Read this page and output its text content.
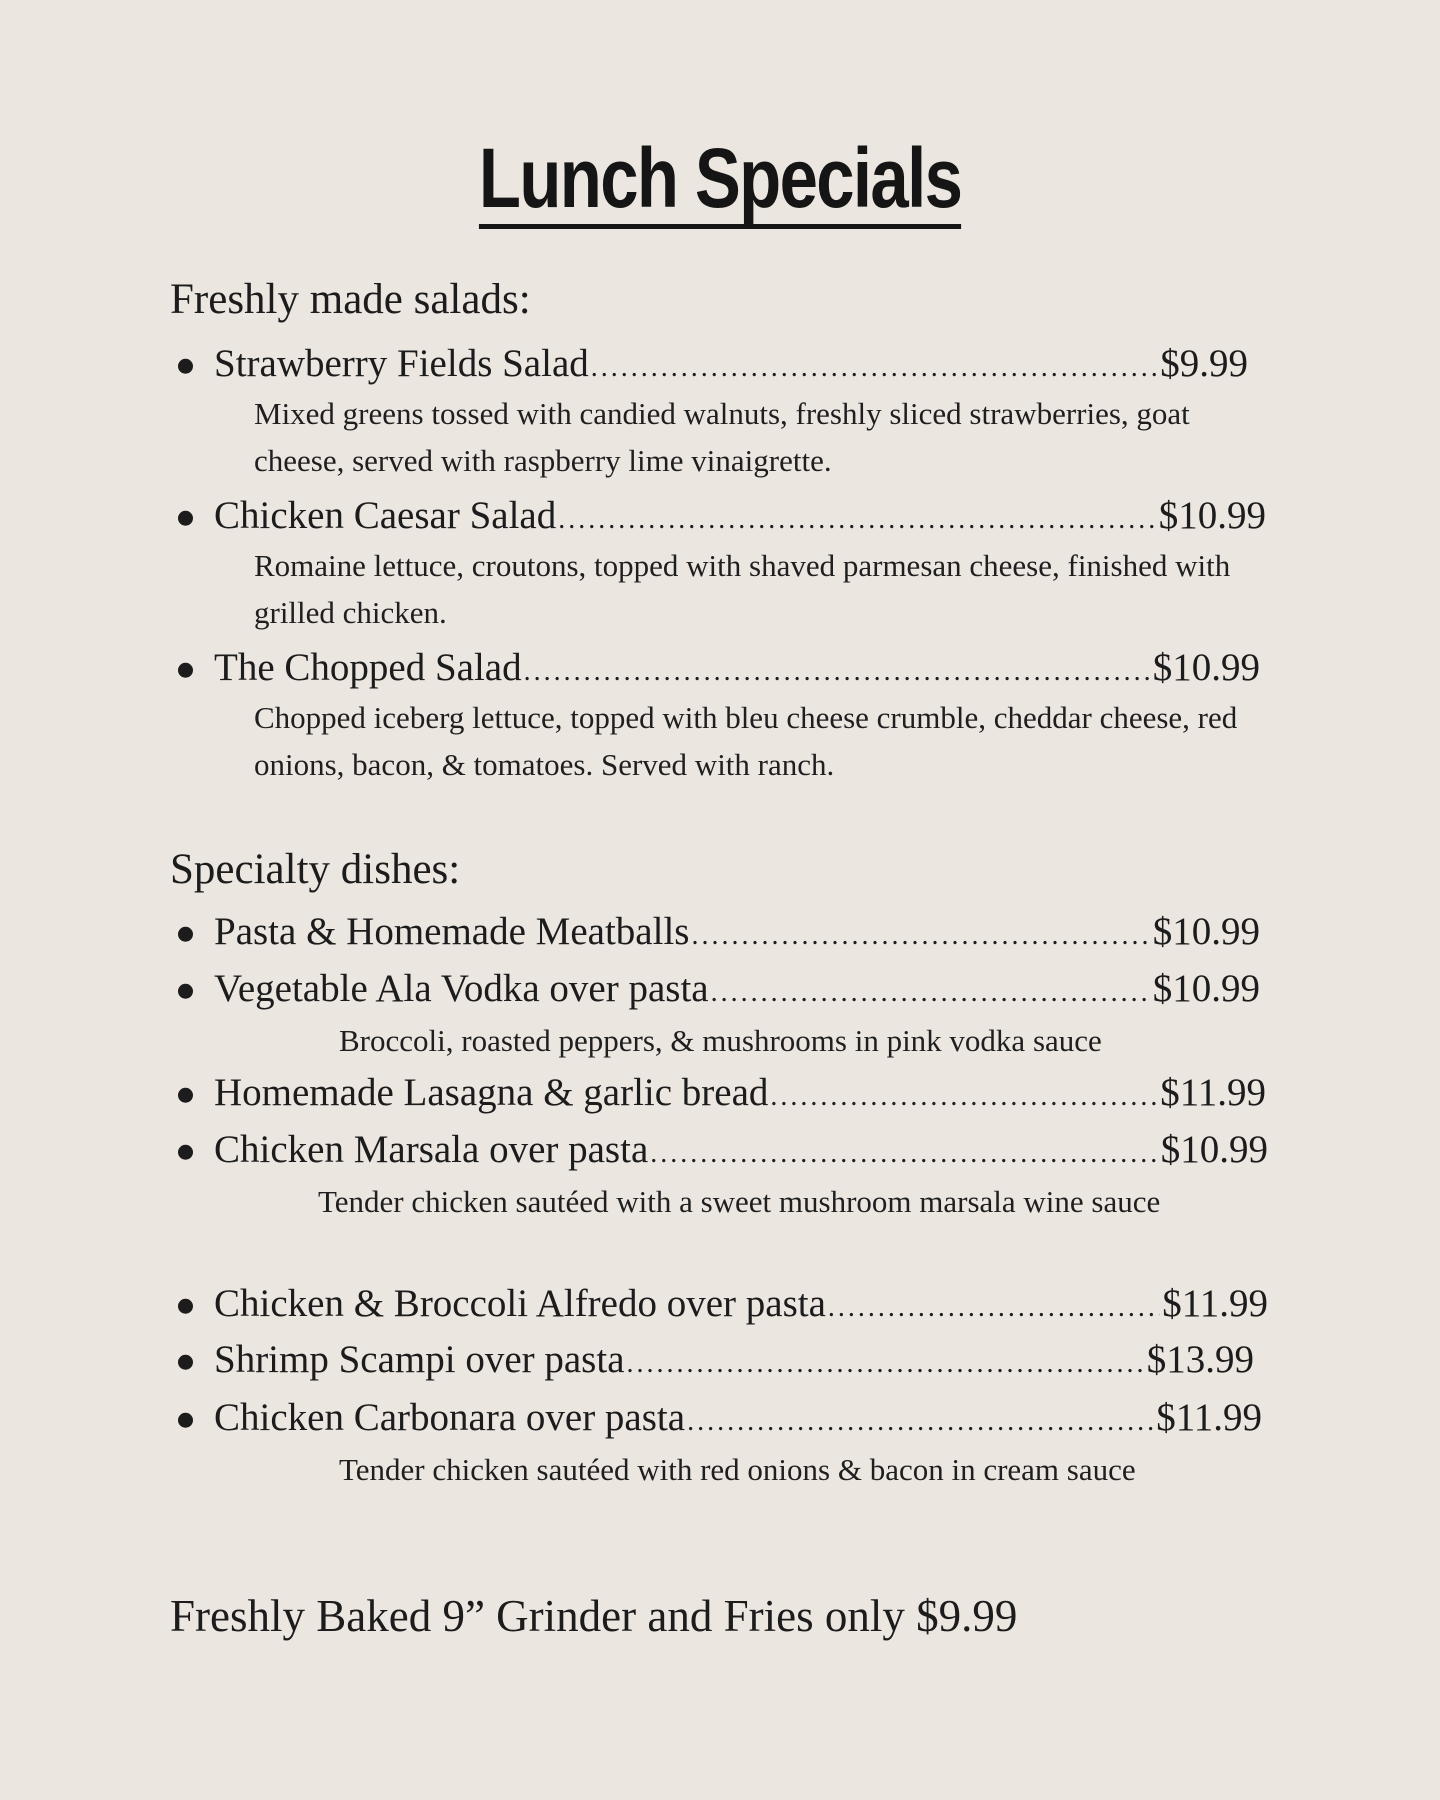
Lunch Specials
Freshly made salads:
Strawberry Fields Salad .....	$9.99
Mixed greens tossed with candied walnuts, freshly sliced strawberries, goat cheese, served with raspberry lime vinaigrette.
Chicken Caesar Salad .....	$10.99
Romaine lettuce, croutons, topped with shaved parmesan cheese, finished with grilled chicken.
The Chopped Salad .....	$10.99
Chopped iceberg lettuce, topped with bleu cheese crumble, cheddar cheese, red onions, bacon, & tomatoes. Served with ranch.
Specialty dishes:
Pasta & Homemade Meatballs .....	$10.99
Vegetable Ala Vodka over pasta .....	$10.99
Broccoli, roasted peppers, & mushrooms in pink vodka sauce
Homemade Lasagna & garlic bread .....	$11.99
Chicken Marsala over pasta .....	$10.99
Tender chicken sautéed with a sweet mushroom marsala wine sauce
Chicken & Broccoli Alfredo over pasta .....	$11.99
Shrimp Scampi over pasta .....	$13.99
Chicken Carbonara over pasta .....	$11.99
Tender chicken sautéed with red onions & bacon in cream sauce
Freshly Baked 9” Grinder and Fries only $9.99
